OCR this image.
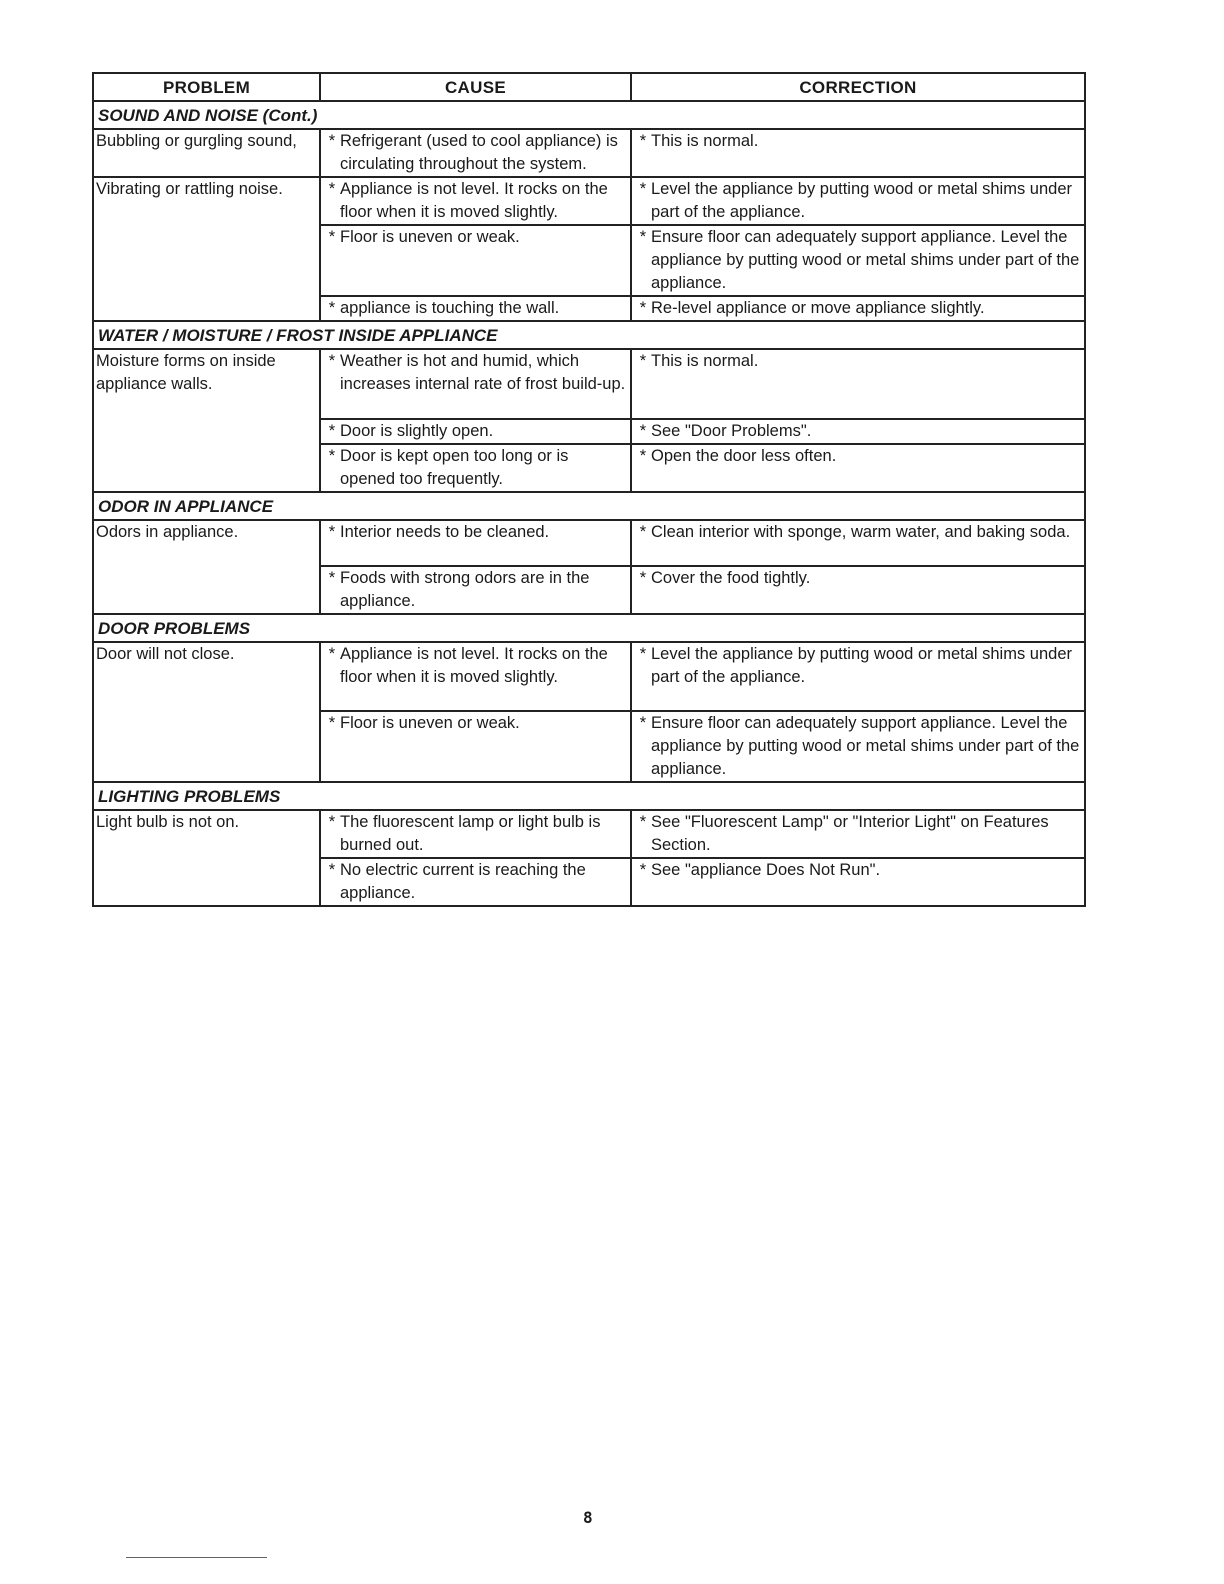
PROBLEM	CAUSE	CORRECTION
SOUND AND NOISE (Cont.)		
Bubbling or gurgling sound,	* Refrigerant (used to cool appliance) is circulating throughout the system.	* This is normal.

Vibrating or rattling noise.	* Appliance is not level. It rocks on the floor when it is moved slightly.	* Level the appliance by putting wood or metal shims under part of the appliance.

	* Floor is uneven or weak.	* Ensure floor can adequately support appliance. Level the appliance by putting wood or metal shims under part of the appliance.

	* appliance is touching the wall.	* Re-level appliance or move appliance slightly.

WATER / MOISTURE / FROST INSIDE APPLIANCE		
Moisture forms on inside appliance walls.	* Weather is hot and humid, which increases internal rate of frost build-up.	* This is normal.

	* Door is slightly open.	* See "Door Problems".

	* Door is kept open too long or is opened too frequently.	* Open the door less often.

ODOR IN APPLIANCE		
Odors in appliance.	* Interior needs to be cleaned.	* Clean interior with sponge, warm water, and baking soda.

	* Foods with strong odors are in the appliance.	* Cover the food tightly.

DOOR PROBLEMS		
Door will not close.	* Appliance is not level. It rocks on the floor when it is moved slightly.	* Level the appliance by putting wood or metal shims under part of the appliance.

	* Floor is uneven or weak.	* Ensure floor can adequately support appliance. Level the appliance by putting wood or metal shims under part of the appliance.

LIGHTING PROBLEMS		
Light bulb is not on.	* The fluorescent lamp or light bulb is burned out.	* See "Fluorescent Lamp" or "Interior Light" on Features Section.

	* No electric current is reaching the appliance.	* See "appliance Does Not Run".
8
